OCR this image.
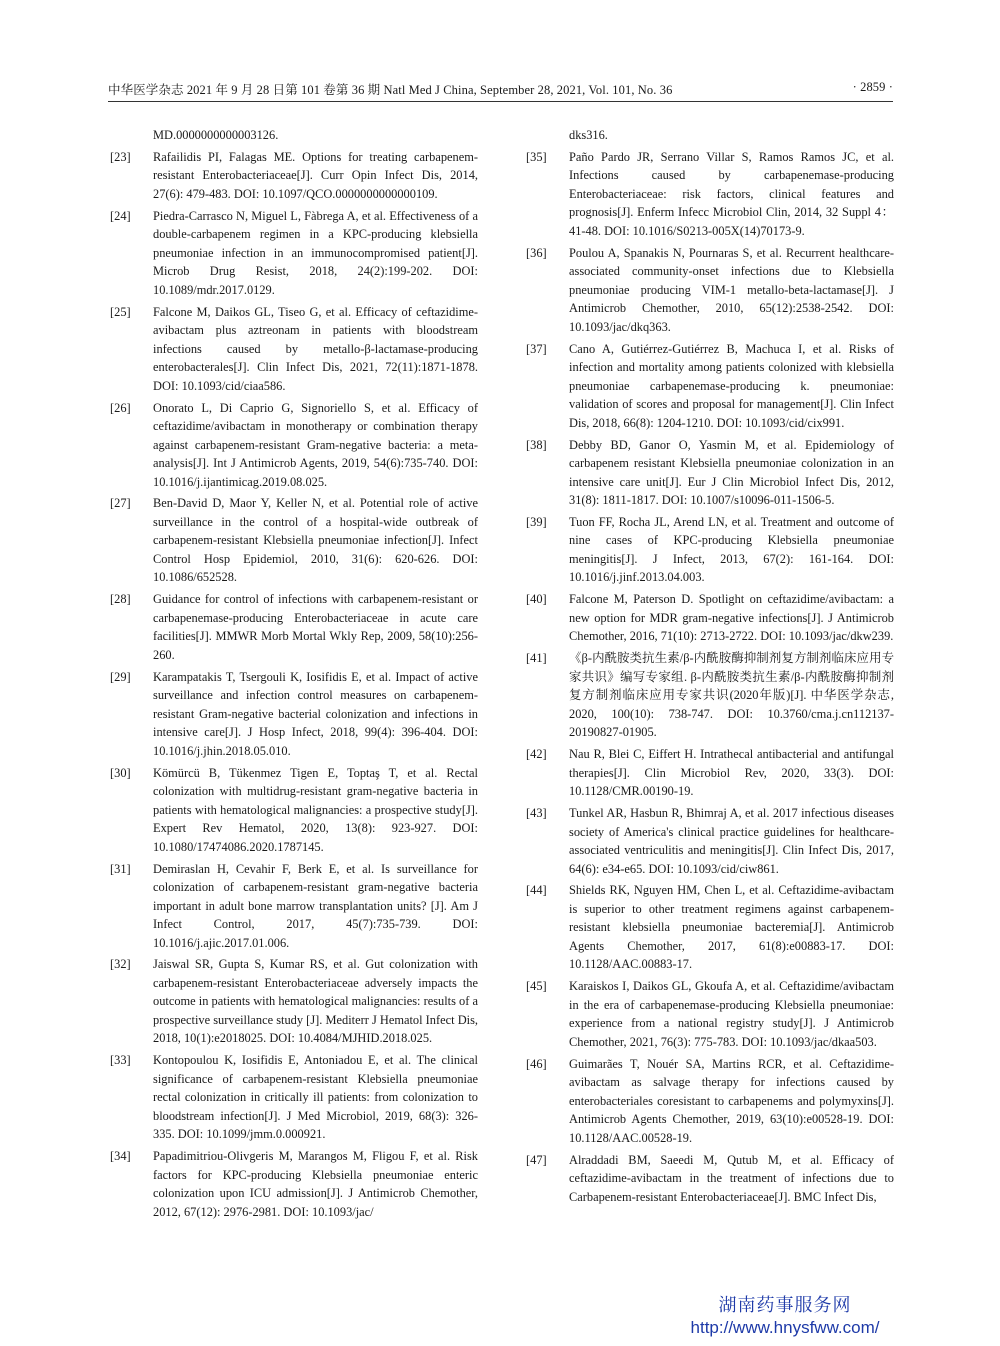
中华医学杂志 2021 年 9 月 28 日第 101 卷第 36 期 Natl Med J China, September 28, 2021, Vol. 101, No. 36	· 2859 ·
MD.0000000000003126.
[23] Rafailidis PI, Falagas ME. Options for treating carbapenem-resistant Enterobacteriaceae[J]. Curr Opin Infect Dis, 2014, 27(6): 479-483. DOI: 10.1097/QCO.0000000000000109.
[24] Piedra-Carrasco N, Miguel L, Fàbrega A, et al. Effectiveness of a double-carbapenem regimen in a KPC-producing klebsiella pneumoniae infection in an immunocompromised patient[J]. Microb Drug Resist, 2018, 24(2):199-202. DOI: 10.1089/mdr.2017.0129.
[25] Falcone M, Daikos GL, Tiseo G, et al. Efficacy of ceftazidime-avibactam plus aztreonam in patients with bloodstream infections caused by metallo-β-lactamase-producing enterobacterales[J]. Clin Infect Dis, 2021, 72(11):1871-1878. DOI: 10.1093/cid/ciaa586.
[26] Onorato L, Di Caprio G, Signoriello S, et al. Efficacy of ceftazidime/avibactam in monotherapy or combination therapy against carbapenem-resistant Gram-negative bacteria: a meta-analysis[J]. Int J Antimicrob Agents, 2019, 54(6):735-740. DOI: 10.1016/j.ijantimicag.2019.08.025.
[27] Ben-David D, Maor Y, Keller N, et al. Potential role of active surveillance in the control of a hospital-wide outbreak of carbapenem-resistant Klebsiella pneumoniae infection[J]. Infect Control Hosp Epidemiol, 2010, 31(6): 620-626. DOI: 10.1086/652528.
[28] Guidance for control of infections with carbapenem-resistant or carbapenemase-producing Enterobacteriaceae in acute care facilities[J]. MMWR Morb Mortal Wkly Rep, 2009, 58(10):256-260.
[29] Karampatakis T, Tsergouli K, Iosifidis E, et al. Impact of active surveillance and infection control measures on carbapenem-resistant Gram-negative bacterial colonization and infections in intensive care[J]. J Hosp Infect, 2018, 99(4): 396-404. DOI: 10.1016/j.jhin.2018.05.010.
[30] Kömürcü B, Tükenmez Tigen E, Toptaş T, et al. Rectal colonization with multidrug-resistant gram-negative bacteria in patients with hematological malignancies: a prospective study[J]. Expert Rev Hematol, 2020, 13(8): 923-927. DOI: 10.1080/17474086.2020.1787145.
[31] Demiraslan H, Cevahir F, Berk E, et al. Is surveillance for colonization of carbapenem-resistant gram-negative bacteria important in adult bone marrow transplantation units? [J]. Am J Infect Control, 2017, 45(7):735-739. DOI: 10.1016/j.ajic.2017.01.006.
[32] Jaiswal SR, Gupta S, Kumar RS, et al. Gut colonization with carbapenem-resistant Enterobacteriaceae adversely impacts the outcome in patients with hematological malignancies: results of a prospective surveillance study [J]. Mediterr J Hematol Infect Dis, 2018, 10(1):e2018025. DOI: 10.4084/MJHID.2018.025.
[33] Kontopoulou K, Iosifidis E, Antoniadou E, et al. The clinical significance of carbapenem-resistant Klebsiella pneumoniae rectal colonization in critically ill patients: from colonization to bloodstream infection[J]. J Med Microbiol, 2019, 68(3): 326-335. DOI: 10.1099/jmm.0.000921.
[34] Papadimitriou-Olivgeris M, Marangos M, Fligou F, et al. Risk factors for KPC-producing Klebsiella pneumoniae enteric colonization upon ICU admission[J]. J Antimicrob Chemother, 2012, 67(12): 2976-2981. DOI: 10.1093/jac/
dks316.
[35] Paño Pardo JR, Serrano Villar S, Ramos Ramos JC, et al. Infections caused by carbapenemase-producing Enterobacteriaceae: risk factors, clinical features and prognosis[J]. Enferm Infecc Microbiol Clin, 2014, 32 Suppl 4：41-48. DOI: 10.1016/S0213-005X(14)70173-9.
[36] Poulou A, Spanakis N, Pournaras S, et al. Recurrent healthcare-associated community-onset infections due to Klebsiella pneumoniae producing VIM-1 metallo-beta-lactamase[J]. J Antimicrob Chemother, 2010, 65(12):2538-2542. DOI: 10.1093/jac/dkq363.
[37] Cano A, Gutiérrez-Gutiérrez B, Machuca I, et al. Risks of infection and mortality among patients colonized with klebsiella pneumoniae carbapenemase-producing k. pneumoniae: validation of scores and proposal for management[J]. Clin Infect Dis, 2018, 66(8): 1204-1210. DOI: 10.1093/cid/cix991.
[38] Debby BD, Ganor O, Yasmin M, et al. Epidemiology of carbapenem resistant Klebsiella pneumoniae colonization in an intensive care unit[J]. Eur J Clin Microbiol Infect Dis, 2012, 31(8): 1811-1817. DOI: 10.1007/s10096-011-1506-5.
[39] Tuon FF, Rocha JL, Arend LN, et al. Treatment and outcome of nine cases of KPC-producing Klebsiella pneumoniae meningitis[J]. J Infect, 2013, 67(2): 161-164. DOI: 10.1016/j.jinf.2013.04.003.
[40] Falcone M, Paterson D. Spotlight on ceftazidime/avibactam: a new option for MDR gram-negative infections[J]. J Antimicrob Chemother, 2016, 71(10): 2713-2722. DOI: 10.1093/jac/dkw239.
[41] 《β-内酰胺类抗生素/β-内酰胺酶抑制剂复方制剂临床应用专家共识》编写专家组. β-内酰胺类抗生素/β-内酰胺酶抑制剂复方制剂临床应用专家共识(2020年版)[J]. 中华医学杂志, 2020, 100(10): 738-747. DOI: 10.3760/cma.j.cn112137-20190827-01905.
[42] Nau R, Blei C, Eiffert H. Intrathecal antibacterial and antifungal therapies[J]. Clin Microbiol Rev, 2020, 33(3). DOI: 10.1128/CMR.00190-19.
[43] Tunkel AR, Hasbun R, Bhimraj A, et al. 2017 infectious diseases society of America's clinical practice guidelines for healthcare-associated ventriculitis and meningitis[J]. Clin Infect Dis, 2017, 64(6): e34-e65. DOI: 10.1093/cid/ciw861.
[44] Shields RK, Nguyen HM, Chen L, et al. Ceftazidime-avibactam is superior to other treatment regimens against carbapenem-resistant klebsiella pneumoniae bacteremia[J]. Antimicrob Agents Chemother, 2017, 61(8):e00883-17. DOI: 10.1128/AAC.00883-17.
[45] Karaiskos I, Daikos GL, Gkoufa A, et al. Ceftazidime/avibactam in the era of carbapenemase-producing Klebsiella pneumoniae: experience from a national registry study[J]. J Antimicrob Chemother, 2021, 76(3): 775-783. DOI: 10.1093/jac/dkaa503.
[46] Guimarães T, Nouér SA, Martins RCR, et al. Ceftazidime-avibactam as salvage therapy for infections caused by enterobacteriales coresistant to carbapenems and polymyxins[J]. Antimicrob Agents Chemother, 2019, 63(10):e00528-19. DOI: 10.1128/AAC.00528-19.
[47] Alraddadi BM, Saeedi M, Qutub M, et al. Efficacy of ceftazidime-avibactam in the treatment of infections due to Carbapenem-resistant Enterobacteriaceae[J]. BMC Infect Dis,
湖南药事服务网
http://www.hnysfww.com/
